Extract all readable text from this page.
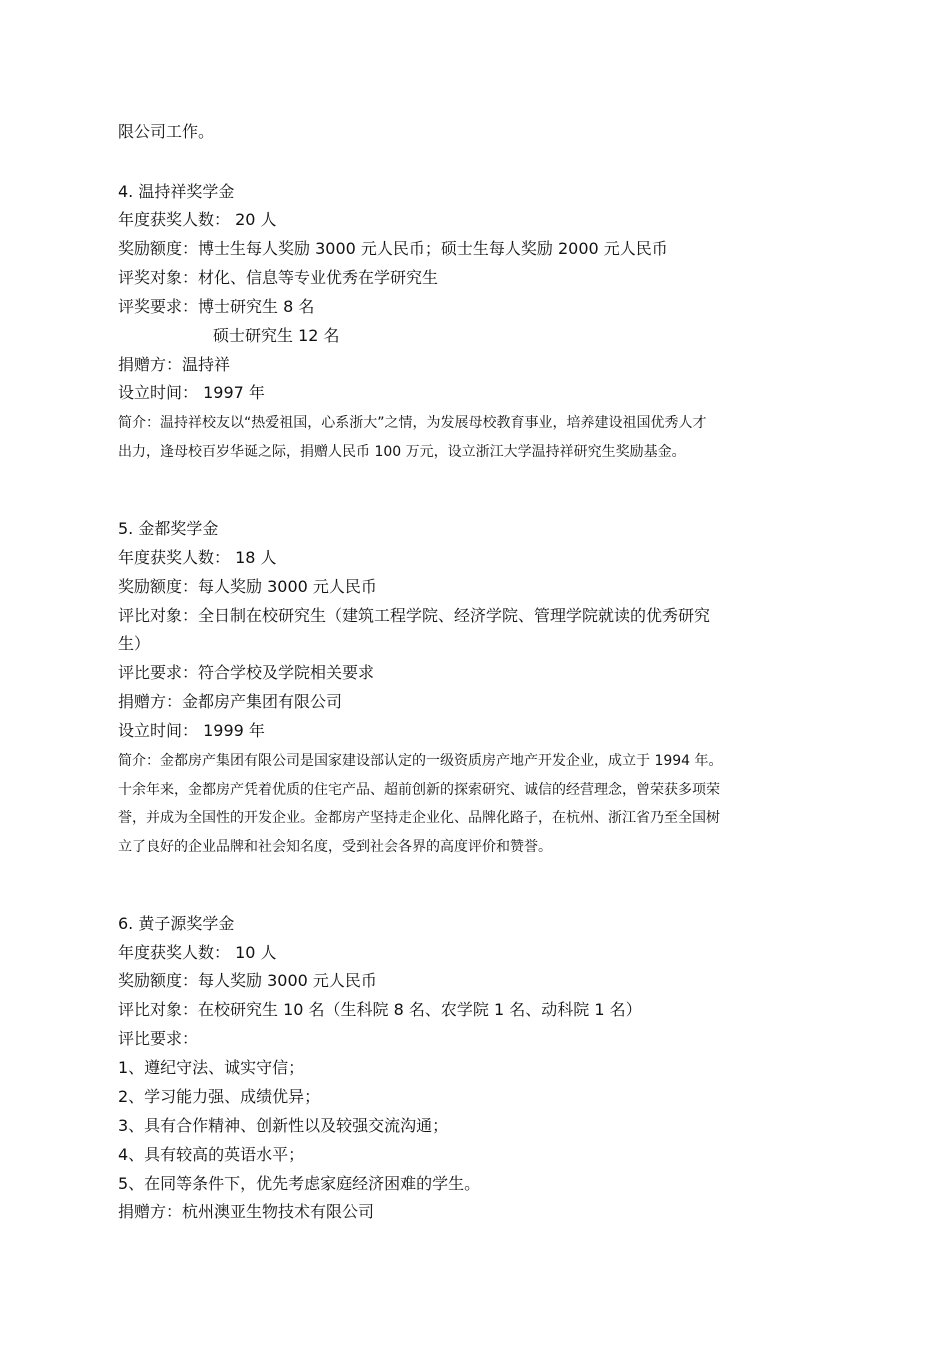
限公司工作。
4. 温持祥奖学金
年度获奖人数： 20 人
奖励额度：博士生每人奖励 3000 元人民币；硕士生每人奖励 2000 元人民币
评奖对象：材化、信息等专业优秀在学研究生
评奖要求：博士研究生 8 名
硕士研究生 12 名
捐赠方：温持祥
设立时间： 1997 年
简介：温持祥校友以“热爱祖国，心系浙大”之情，为发展母校教育事业，培养建设祖国优秀人才
出力，逢母校百岁华诞之际，捐赠人民币 100 万元，设立浙江大学温持祥研究生奖励基金。
5. 金都奖学金
年度获奖人数： 18 人
奖励额度：每人奖励 3000 元人民币
评比对象：全日制在校研究生（建筑工程学院、经济学院、管理学院就读的优秀研究
生）
评比要求：符合学校及学院相关要求
捐赠方：金都房产集团有限公司
设立时间： 1999 年
简介：金都房产集团有限公司是国家建设部认定的一级资质房产地产开发企业，成立于 1994 年。
十余年来，金都房产凭着优质的住宅产品、超前创新的探索研究、诚信的经营理念，曾荣获多项荣
誉，并成为全国性的开发企业。金都房产坚持走企业化、品牌化路子，在杭州、浙江省乃至全国树
立了良好的企业品牌和社会知名度，受到社会各界的高度评价和赞誉。
6. 黄子源奖学金
年度获奖人数： 10 人
奖励额度：每人奖励 3000 元人民币
评比对象：在校研究生 10 名（生科院 8 名、农学院 1 名、动科院 1 名）
评比要求：
1、遵纪守法、诚实守信；
2、学习能力强、成绩优异；
3、具有合作精神、创新性以及较强交流沟通；
4、具有较高的英语水平；
5、在同等条件下，优先考虑家庭经济困难的学生。
捐赠方：杭州澳亚生物技术有限公司
